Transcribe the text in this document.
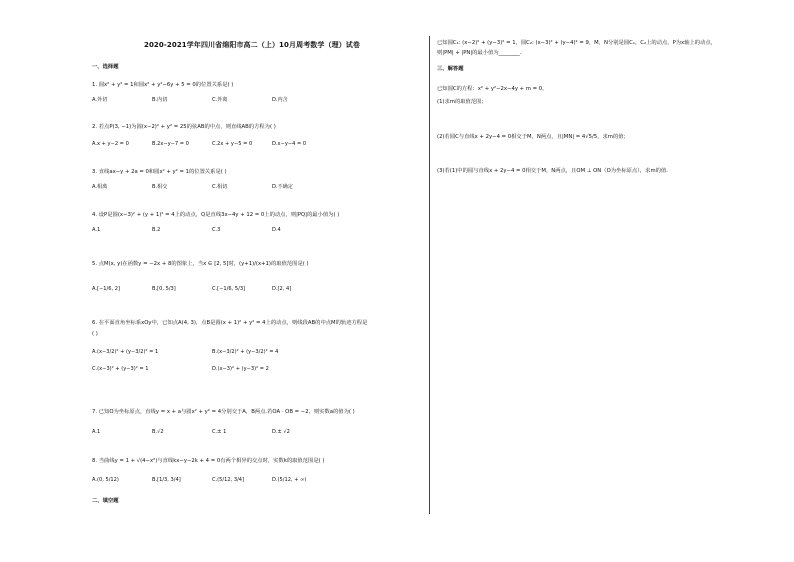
2020-2021学年四川省绵阳市高二（上）10月周考数学（理）试卷
一、选择题
1. 圆x² + y² = 1和圆x² + y²−6y + 5 = 0的位置关系是( )
A.外切	B.内切	C.外离	D.内含
2. 若点P(3, −1)为圆(x−2)² + y² = 25的弦AB的中点，则直线AB的方程为( )
A.x + y−2 = 0	B.2x−y−7 = 0	C.2x + y−5 = 0	D.x−y−4 = 0
3. 直线ax−y + 2a = 0和圆x² + y² = 1的位置关系是( )
A.相离	B.相交	C.相切	D.不确定
4. 设P是圆(x−3)² + (y + 1)² = 4上的动点，Q是直线3x−4y + 12 = 0上的动点，则|PQ|的最小值为( )
A.1	B.2	C.3	D.4
5. 点M(x, y)在函数y = −2x + 8的图象上，当x ∈ [2, 5]时，(y+1)/(x+1)的取值范围是( )
A.[−1/6, 2]	B.[0, 5/3]	C.[−1/6, 5/3]	D.[2, 4]
6. 在平面直角坐标系xOy中，已知点A(4, 3)，点B是圆(x + 1)² + y² = 4上的动点，则线段AB的中点M的轨迹方程是
( )
A.(x−3/2)² + (y−3/2)² = 1	B.(x−3/2)² + (y−3/2)² = 4
C.(x−3)² + (y−3)² = 1	D.(x−3)² + (y−3)² = 2
7. 已知O为坐标原点，直线y = x + a与圆x² + y² = 4分别交于A，B两点.若OA · OB = −2，则实数a的值为( )
A.1	B.√2	C.± 1	D.± √2
8. 当曲线y = 1 + √(4−x²)与直线kx−y−2k + 4 = 0有两个相异的交点时，实数k的取值范围是( )
A.(0, 5/12)	B.[1/3, 3/4]	C.(5/12, 3/4]	D.(5/12, + ∞)
二、填空题
已知圆C₁: (x−2)² + (y−3)² = 1，圆C₂: (x−3)² + (y−4)² = 9，M，N分别是圆C₁，C₂上的动点，P为x轴上的动点，
则|PM| + |PN|的最小值为________.
三、解答题
已知圆C的方程：x² + y²−2x−4y + m = 0，
(1)求m的取值范围；
(2)若圆C与直线x + 2y−4 = 0相交于M，N两点，且|MN| = 4√5/5，求m的值；
(3)若(1)中的圆与直线x + 2y−4 = 0相交于M，N两点，且OM ⊥ ON（O为坐标原点），求m的值.
